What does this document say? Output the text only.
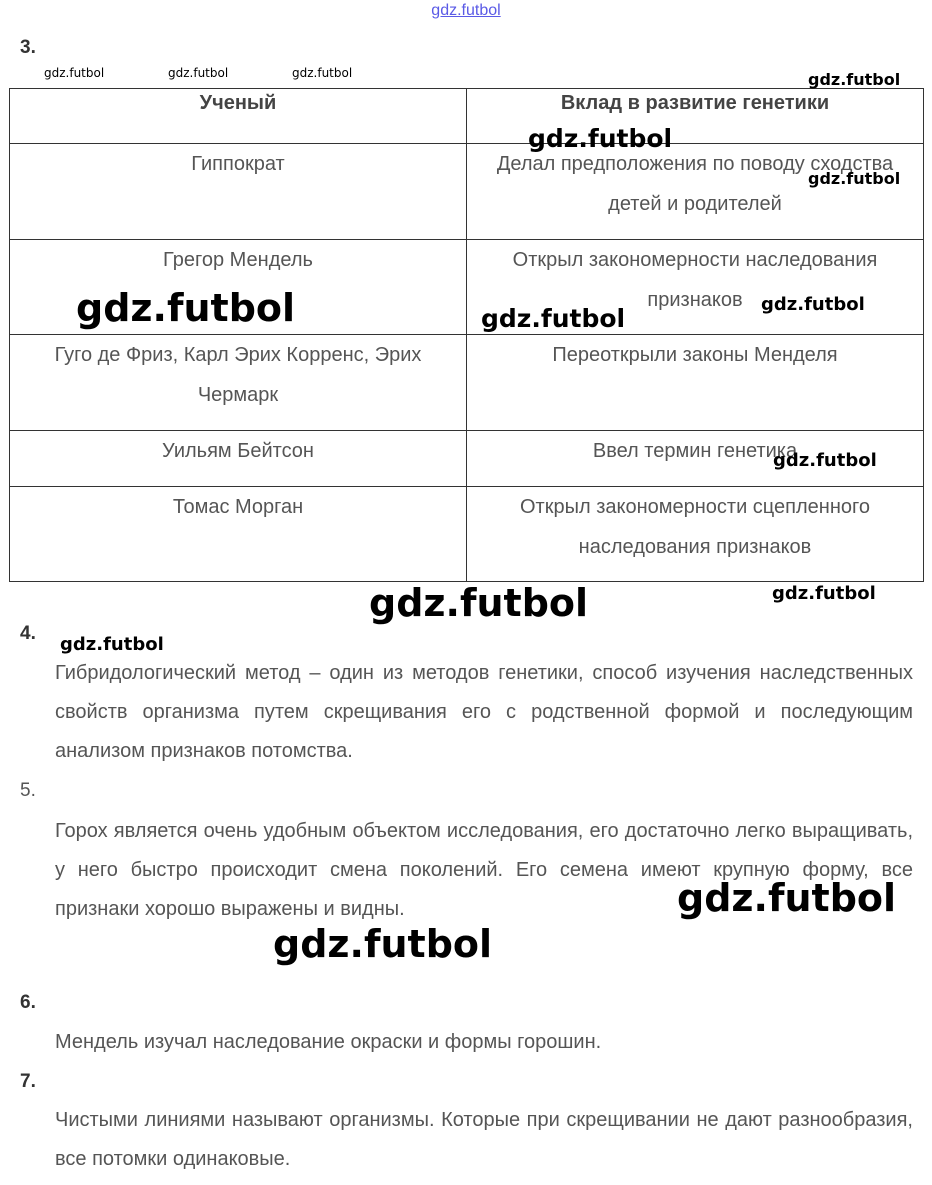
gdz.futbol
3.
Ученый	Вклад в развитие генетики
Гиппократ	Делал предположения по поводу сходства детей и родителей
Грегор Мендель	Открыл закономерности наследования признаков
Гуго де Фриз, Карл Эрих Корренс, Эрих Чермарк	Переоткрыли законы Менделя
Уильям Бейтсон	Ввел термин генетика
Томас Морган	Открыл закономерности сцепленного наследования признаков
4.
Гибридологический метод – один из методов генетики, способ изучения наследственных свойств организма путем скрещивания его с родственной формой и последующим анализом признаков потомства.
5.
Горох является очень удобным объектом исследования, его достаточно легко выращивать, у него быстро происходит смена поколений. Его семена имеют крупную форму, все признаки хорошо выражены и видны.
6.
Мендель изучал наследование окраски и формы горошин.
7.
Чистыми линиями называют организмы. Которые при скрещивании не дают разнообразия, все потомки одинаковые.
gdz.futbol	gdz.futbol	gdz.futbol	gdz.futbol
gdz.futbol
gdz.futbol
gdz.futbol	gdz.futbol	gdz.futbol
gdz.futbol
gdz.futbol	gdz.futbol
gdz.futbol
gdz.futbol
gdz.futbol
